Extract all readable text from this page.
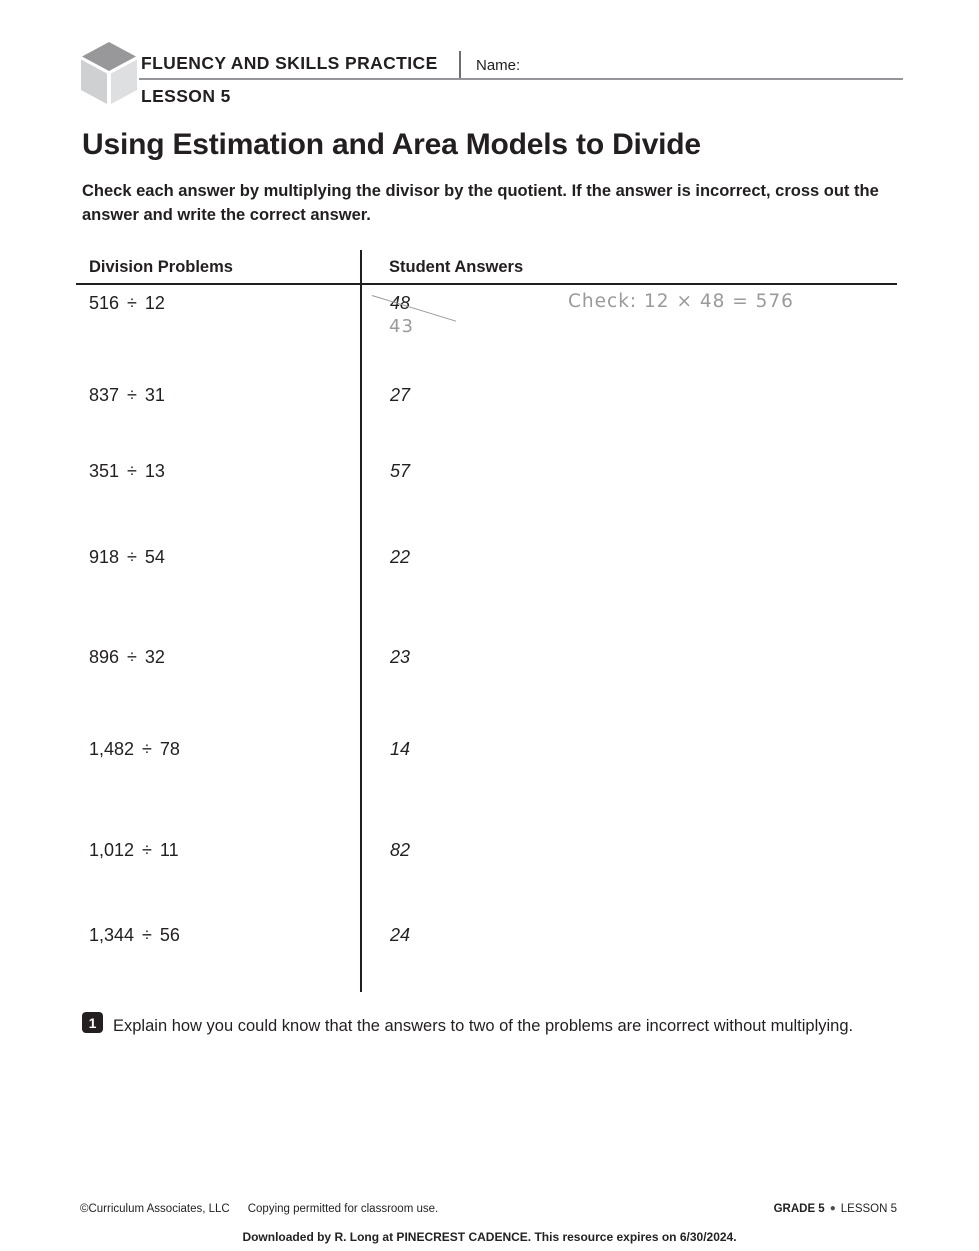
FLUENCY AND SKILLS PRACTICE	Name:
LESSON 5
Using Estimation and Area Models to Divide
Check each answer by multiplying the divisor by the quotient. If the answer is incorrect, cross out the answer and write the correct answer.
Division Problems	Student Answers
516 ÷ 12	48
43
Check: 12 × 48 = 576
837 ÷ 31	27
351 ÷ 13	57
918 ÷ 54	22
896 ÷ 32	23
1,482 ÷ 78	14
1,012 ÷ 11	82
1,344 ÷ 56	24
1	Explain how you could know that the answers to two of the problems are incorrect without multiplying.
©Curriculum Associates, LLC Copying permitted for classroom use.	GRADE 5 ● LESSON 5
Downloaded by R. Long at PINECREST CADENCE. This resource expires on 6/30/2024.
